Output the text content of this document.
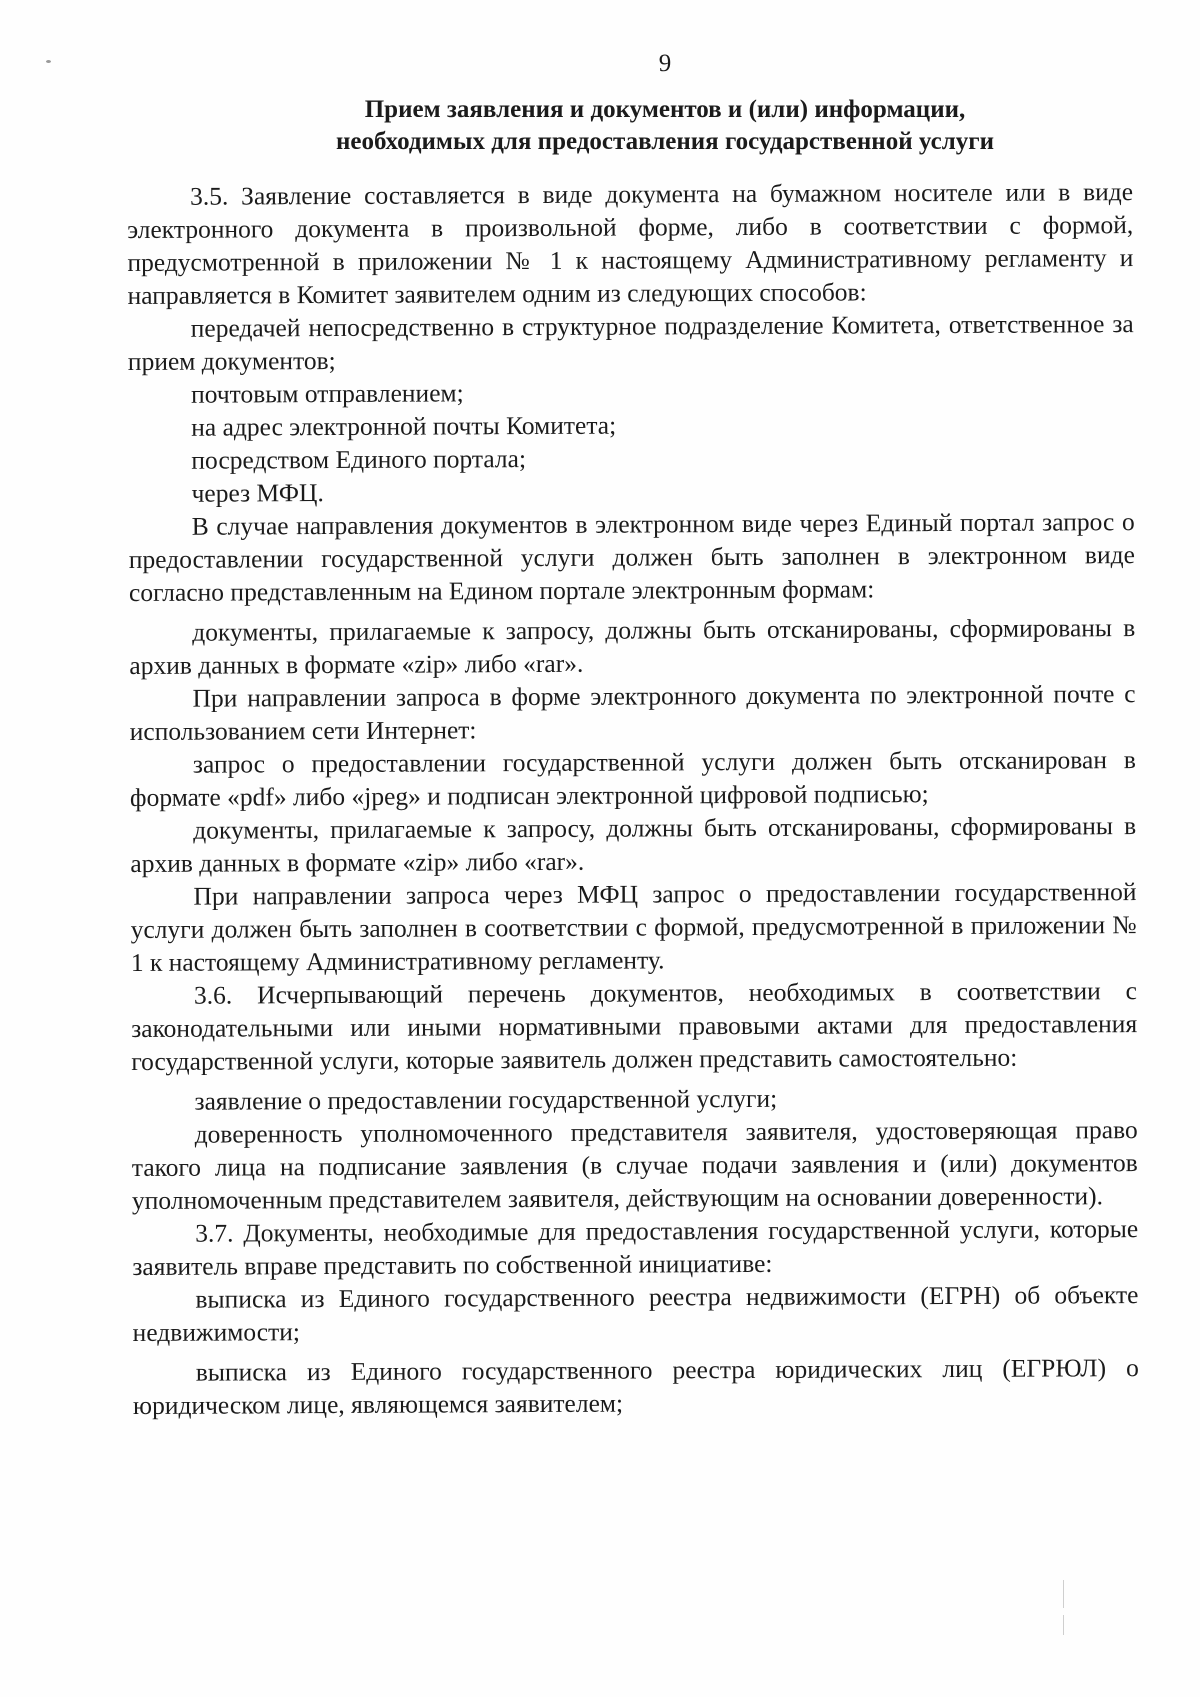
9
Прием заявления и документов и (или) информации,
необходимых для предоставления государственной услуги

3.5. Заявление составляется в виде документа на бумажном носителе или в виде электронного документа в произвольной форме, либо в соответствии с формой, предусмотренной в приложении № 1 к настоящему Административному регламенту и направляется в Комитет заявителем одним из следующих способов:

передачей непосредственно в структурное подразделение Комитета, ответственное за прием документов;

почтовым отправлением;

на адрес электронной почты Комитета;

посредством Единого портала;

через МФЦ.

В случае направления документов в электронном виде через Единый портал запрос о предоставлении государственной услуги должен быть заполнен в электронном виде согласно представленным на Едином портале электронным формам:

документы, прилагаемые к запросу, должны быть отсканированы, сформированы в архив данных в формате «zip» либо «rar».

При направлении запроса в форме электронного документа по электронной почте с использованием сети Интернет:

запрос о предоставлении государственной услуги должен быть отсканирован в формате «pdf» либо «jpeg» и подписан электронной цифровой подписью;

документы, прилагаемые к запросу, должны быть отсканированы, сформированы в архив данных в формате «zip» либо «rar».

При направлении запроса через МФЦ запрос о предоставлении государственной услуги должен быть заполнен в соответствии с формой, предусмотренной в приложении № 1 к настоящему Административному регламенту.

3.6. Исчерпывающий перечень документов, необходимых в соответствии с законодательными или иными нормативными правовыми актами для предоставления государственной услуги, которые заявитель должен представить самостоятельно:

заявление о предоставлении государственной услуги;

доверенность уполномоченного представителя заявителя, удостоверяющая право такого лица на подписание заявления (в случае подачи заявления и (или) документов уполномоченным представителем заявителя, действующим на основании доверенности).

3.7. Документы, необходимые для предоставления государственной услуги, которые заявитель вправе представить по собственной инициативе:

выписка из Единого государственного реестра недвижимости (ЕГРН) об объекте недвижимости;

выписка из Единого государственного реестра юридических лиц (ЕГРЮЛ) о юридическом лице, являющемся заявителем;
